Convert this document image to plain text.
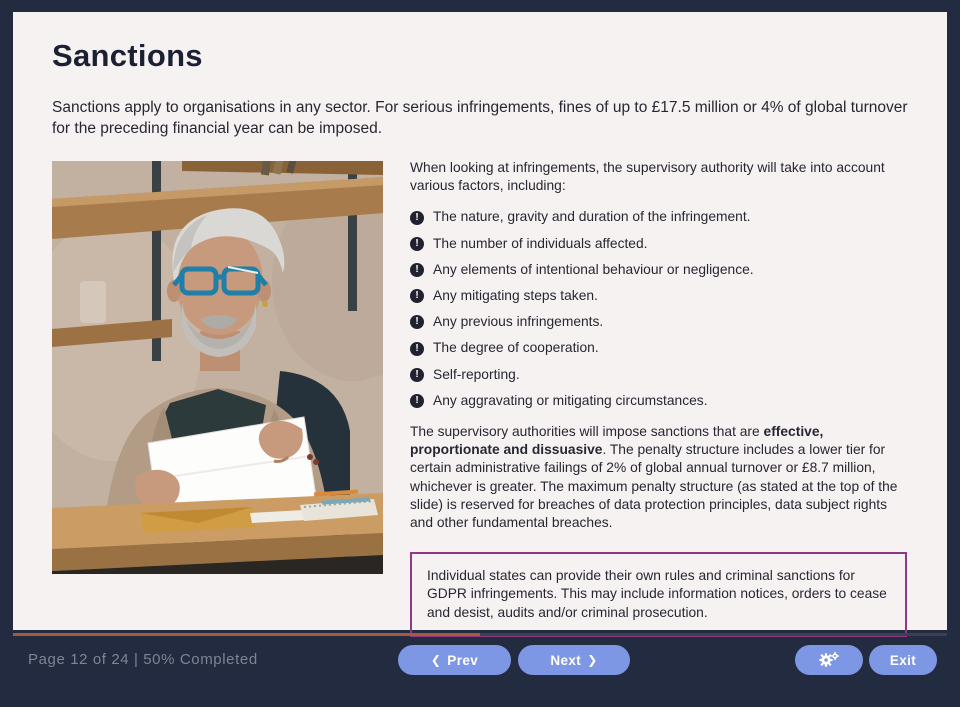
Sanctions

Sanctions apply to organisations in any sector. For serious infringements, fines of up to £17.5 million or 4% of global turnover for the preceding financial year can be imposed.

When looking at infringements, the supervisory authority will take into account various factors, including:

!
The nature, gravity and duration of the infringement.
!
The number of individuals affected.
!
Any elements of intentional behaviour or negligence.
!
Any mitigating steps taken.
!
Any previous infringements.
!
The degree of cooperation.
!
Self-reporting.
!
Any aggravating or mitigating circumstances.

The supervisory authorities will impose sanctions that are effective, proportionate and dissuasive. The penalty structure includes a lower tier for certain administrative failings of 2% of global annual turnover or £8.7 million, whichever is greater. The maximum penalty structure (as stated at the top of the slide) is reserved for breaches of data protection principles, data subject rights and other fundamental breaches.

Individual states can provide their own rules and criminal sanctions for GDPR infringements. This may include information notices, orders to cease and desist, audits and/or criminal prosecution.
Page 12 of 24 | 50% Completed	❮ Prev	Next ❯	Exit
